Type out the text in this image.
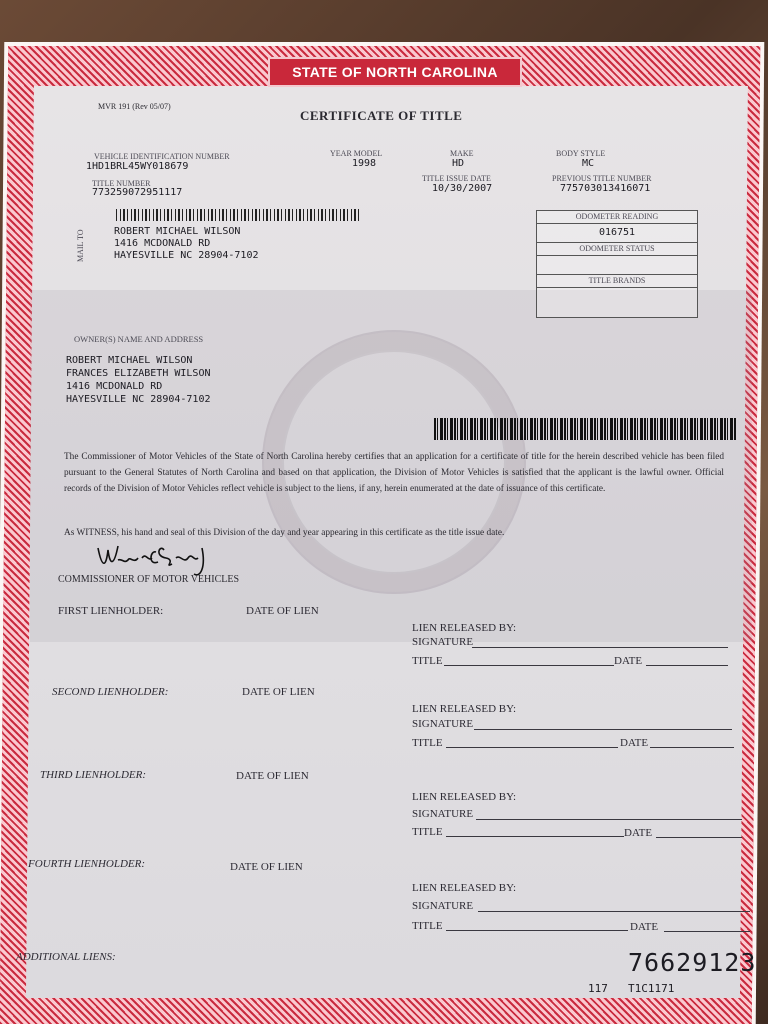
STATE OF NORTH CAROLINA
MVR 191 (Rev 05/07)
CERTIFICATE OF TITLE
VEHICLE IDENTIFICATION NUMBER
1HD1BRL45WY018679
YEAR MODEL
1998
MAKE
HD
BODY STYLE
MC
TITLE NUMBER
773259072951117
TITLE ISSUE DATE
10/30/2007
PREVIOUS TITLE NUMBER
775703013416071
MAIL TO	ROBERT MICHAEL WILSON
1416 MCDONALD RD
HAYESVILLE NC 28904-7102
ODOMETER READING
016751
ODOMETER STATUS
TITLE BRANDS
OWNER(S) NAME AND ADDRESS
ROBERT MICHAEL WILSON
FRANCES ELIZABETH WILSON
1416 MCDONALD RD
HAYESVILLE NC 28904-7102
The Commissioner of Motor Vehicles of the State of North Carolina hereby certifies that an application for a certificate of title for the herein described vehicle has been filed pursuant to the General Statutes of North Carolina and based on that application, the Division of Motor Vehicles is satisfied that the applicant is the lawful owner. Official records of the Division of Motor Vehicles reflect vehicle is subject to the liens, if any, herein enumerated at the date of issuance of this certificate.
As WITNESS, his hand and seal of this Division of the day and year appearing in this certificate as the title issue date.
COMMISSIONER OF MOTOR VEHICLES
FIRST LIENHOLDER:	DATE OF LIEN
LIEN RELEASED BY:
SIGNATURE
TITLE	DATE
SECOND LIENHOLDER:	DATE OF LIEN
LIEN RELEASED BY:
SIGNATURE
TITLE	DATE
THIRD LIENHOLDER:	DATE OF LIEN
LIEN RELEASED BY:
SIGNATURE
TITLE	DATE
FOURTH LIENHOLDER:	DATE OF LIEN
LIEN RELEASED BY:
SIGNATURE
TITLE	DATE
ADDITIONAL LIENS:	76629123
117 T1C1171
